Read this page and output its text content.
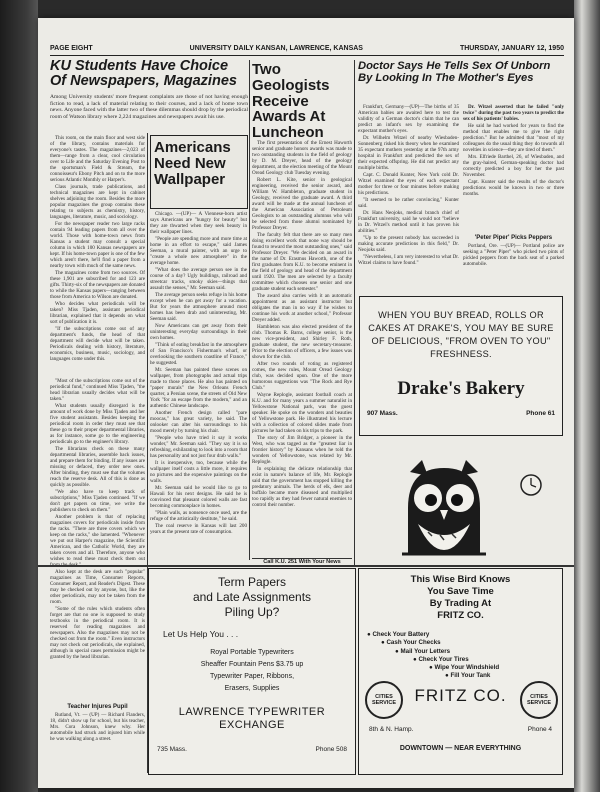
PAGE EIGHT	UNIVERSITY DAILY KANSAN, LAWRENCE, KANSAS	THURSDAY, JANUARY 12, 1950
KU Students Have Choice Of Newspapers, Magazines
Among University students' more frequent complaints are those of not having enough fiction to read, a lack of material relating to their courses, and a lack of home town news. Anyone faced with the latter two of these dilemmas should drop by the periodical room of Watson library where 2,224 magazines and newspapers await his use.

This room, on the main floor and west side of the library, contains materials for everyone's tastes. The magazines—2,023 of them—range from a clear, cool circulation over to Life and the Saturday Evening Post to the sportsman's Field & Stream, the connoisseur's Ebony Pitch and on to the more serious Atlantic Monthly or Harper's.

Class journals, trade publications, and technical magazines are kept in cabinet shelves adjoining the room. Besides the more popular magazines the group contains these relating to subjects as chemistry, history, languages, literature, music, and sociology.

For the newspaper reader two large racks contain 94 leading papers from all over the world. Those with home-town news from Kansas a student may consult a special column in which 100 Kansas newspapers are kept. If his home-town paper is one of the few which aren't there, he'll find a paper from a nearby town with much of the same news.

The magazines come from two sources. Of these 1,901 are subscribed for and 123 are gifts. Thirty-six of the newspapers are donated to while the Kansas papers—ranging between those from America to Wilson are donated.

Who decides what periodicals will be taken? Miss Tjaden, assistant periodical librarian, explained that it depends on what sort of publication it is.

"If the subscriptions come out of any department's funds, the head of that department will decide what will be taken. Periodicals dealing with history, literature, economics, business, music, sociology, and languages come under this.

"Most of the subscriptions come out of the periodical fund," continued Miss Tjaden, "the head librarian usually decides what will be taken."

What students usually disregard is the amount of work done by Miss Tjaden and her five student assistants. Besides keeping the periodical room in order they must see that these go to their proper departmental libraries, as for instance, some go to the engineering periodicals go to the engineer's library.

The librarians check on these many departmental libraries, assemble back issues, and prepare them for binding. If any issues are missing or defaced, they order new ones. After binding, they must see that the volumes reach the reserve desk. All of this is done as quickly as possible.

"We also have to keep track of subscriptions," Miss Tjaden continued. "If we don't get papers on time, we write the publishers to check on them."

Another problem is that of replacing magazines covers for periodicals inside from the racks. "There are three covers which we keep on the racks," she lamented. "Whenever we put out Harper's magazine, the Scientific American, and the Catholic World, they are taken covers and all. Therefore, anyone who wishes to read these must check them out

Also kept at the desk are such "popular" magazines as Time, Consumer Reports, Consumer Report, and Reader's Digest. These may be checked out by anyone, but, like the other periodicals, may not be taken from the room.

"Some of the rules which students often forget are that no one is supposed to study textbooks in the periodical room. It is reserved for reading magazines and newspapers. Also the magazines may not be checked out from the room." Even instructors may not check out periodicals, she explained, although in special cases permission might be granted by the head librarian.

Teacher Injures Pupil

Rutland, Vt. — (UP) — Richard Flanders, 18, didn't show up for school, but his teacher, Mrs. Cora Johnson, knew why. Her automobile had struck and injured him while he was walking along a street.

Americans Need New Wallpaper

Chicago. —(UP)— A Viennese-born artist says Americans are "hungry for beauty" but they are thwarted when they seek beauty in their wallpaper lines.

"People are spending more and more time at home in an effort to escape," said James Seeman, a mural painter, with an urge to "create a whole new atmosphere" in the average home.

"What does the average person see in the course of a day? Ugly buildings, railroad and streetcar tracks, smoky skies—things that assault the senses," Mr. Seeman said.

The average person seeks refuge in his home except when he can get away for a vacation. But for years the atmosphere around most homes has been drab and uninteresting, Mr. Seeman said.

Now Americans can get away from their uninteresting everyday surroundings in their own homes.

"Think of eating breakfast in the atmosphere of San Francisco's Fisherman's wharf, or overlooking the southern coastline of France," he suggested.

Mr. Seeman has painted these scenes on wallpaper, from photographs and actual trips made to those places. He also has painted on "paper murals" the New Orleans French quarter, a Persian scene, the streets of Old New York "for an escape from the modern," and an authentic Chinese landscape.

Another French design called "pare moocas," has great variety, he said. The onlooker can alter his surroundings to his mood merely by turning his chair.

"People who have tried it say it works wonder," Mr. Seeman said. "They say it is so refreshing, exhilarating to look into a room that has personality and not just four drab walls."

It is inexpensive, too, because while the wallpaper itself costs a little more, it requires no pictures and the expensive paintings on the walls.

Mr. Seeman said he would like to go to Hawaii for his next designs. He said he is convinced that pleasant colored walls are fast becoming commonplace in homes.

"Plain walls, as nonsence once used, are the refuge of the artistically destitute," he said.

The coal reserve in Kansas will last 200 years at the present rate of consumption.

Two Geologists Receive Awards At Luncheon

The first presentation of the Ernest Haworth senior and graduate honors awards was made to two outstanding students in the field of geology by D. M. Dreyer, head of the geology department, at the election meeting of the Mount Oread Geology club Tuesday evening.

Robert L. Kite, senior in geological engineering, received the senior award, and William W. Hambleton, graduate student in Geology, received the graduate award. A third award will be made at the annual luncheon of the American Association of Petroleum Geologists to an outstanding alumnus who will be selected from those alumni nominated by Professor Dreyer.

The faculty felt that there are so many men doing excellent work that none way should be found to reward the most outstanding ones," said Professor Dreyer. "We decided on an award in the name of Dr. Erasmus Haworth, one of the first graduates from K.U. to become eminent in the field of geology and head of the department until 1920. The men are selected by a faculty committee which chooses one senior and one graduate student each semester."

The award also carries with it an automatic appointment as an assistant instructor but obligates the man in no way if he wishes to continue his work at another school," Professor Dreyer added.

Hambleton was also elected president of the club. Thomas R. Barns, college senior, is the new vice-president, and Shirley F. Roth, graduate student, the new secretary-treasurer. Prior to the election of officers, a few issues was shown for the club.

After two rounds of voting as registered comes, the new rules, Mount Oread Geology club, was decided upon. One of the more humorous suggestions was "The Rock and Rye Club."

Wayne Replogle, assistant football coach at K.U. and for many years a summer naturalist in Yellowstone National park, was the guest speaker. He spoke on the wonders and beauties of Yellowstone park. He illustrated his lecture with a collection of colored slides made from pictures he had taken on his trips to the park.

The story of Jim Bridger, a pioneer in the West, who was tagged as the "greatest liar in frontier history" by Kansans when he told the wonders of Yellowstone, was related by Mr. Replogle.

In explaining the delicate relationship that exist in nature's balance of life, Mr. Replogle said that the government has stopped killing the predatory animals. The herds of elk, deer and buffalo became more diseased and multiplied too rapidly as they had fewer natural enemies to control their number.

Call K.U. 251 With Your News
Doctor Says He Tells Sex Of Unborn By Looking In The Mother's Eyes

Frankfurt, Germany—(UP)—The births of 35 American babies are awaited here to test the validity of a German doctor's claim that he can predict an infant's sex by examining the expectant mother's eyes.

Dr. Wilhelm Witzel of nearby Wiesbaden-Sonnenberg risked his theory when he examined 35 expectant mothers yesterday at the 97th army hospital in Frankfurt and predicted the sex of their expected offspring. He did not predict any multiple births.

Capt. C. Donald Kunter, New York cold Dr. Witzel examined the eyes of each expectant mother for three or four minutes before making his predictions.

"It seemed to be rather convincing," Kunter said.

Dr. Hans Neojoks, medical branch chief of Frankfurt university, said he would not "believe in Dr. Witzel's method until it has proven his abilities."

"Up to the present nobody has succeeded in making accurate predictions in this field," Dr. Neojoks said.

"Nevertheless, I am very interested to what Dr. Witzel claims to have found."

Dr. Witzel asserted that he failed "only twice" during the past two years to predict the sex of his patients' babies.

He said he had worked for years to find the method that enables me to give the right prediction." But he admitted that "most of my colleagues do the usual thing they do towards all novelties in science—they are tired of them."

Mrs. Elfriede Barthel, 26, of Wiesbaden, and the gray-haired, German-speaking doctor had correctly predicted a boy for her the past November.

Capt. Kunter said the results of the doctor's predictions would be known in two or three months.

'Peter Piper' Picks Peppers

Portland, Ore. —(UP)— Portland police are seeking a "Peter Piper" who picked two pints of pickled peppers from the back seat of a parked automobile.

WHEN YOU BUY BREAD, ROLLS OR CAKES AT DRAKE'S, YOU MAY BE SURE OF DELICIOUS, "FROM OVEN TO YOU" FRESHNESS.
Drake's Bakery
907 Mass.	Phone 61
Term Papers
and Late Assignments
Piling Up?
Let Us Help You . . .
Royal Portable Typewriters
Sheaffer Fountain Pens $3.75 up
Typewriter Paper, Ribbons,
Erasers, Supplies
LAWRENCE TYPEWRITER
EXCHANGE
735 Mass.	Phone 508
This Wise Bird Knows
You Save Time
By Trading At
FRITZ CO.
● Check Your Battery
● Cash Your Checks
● Mail Your Letters
● Check Your Tires
● Wipe Your Windshield
● Fill Your Tank
CITIES SERVICE
CITIES SERVICE
FRITZ CO.
8th & N. Hamp.	Phone 4
DOWNTOWN — NEAR EVERYTHING
